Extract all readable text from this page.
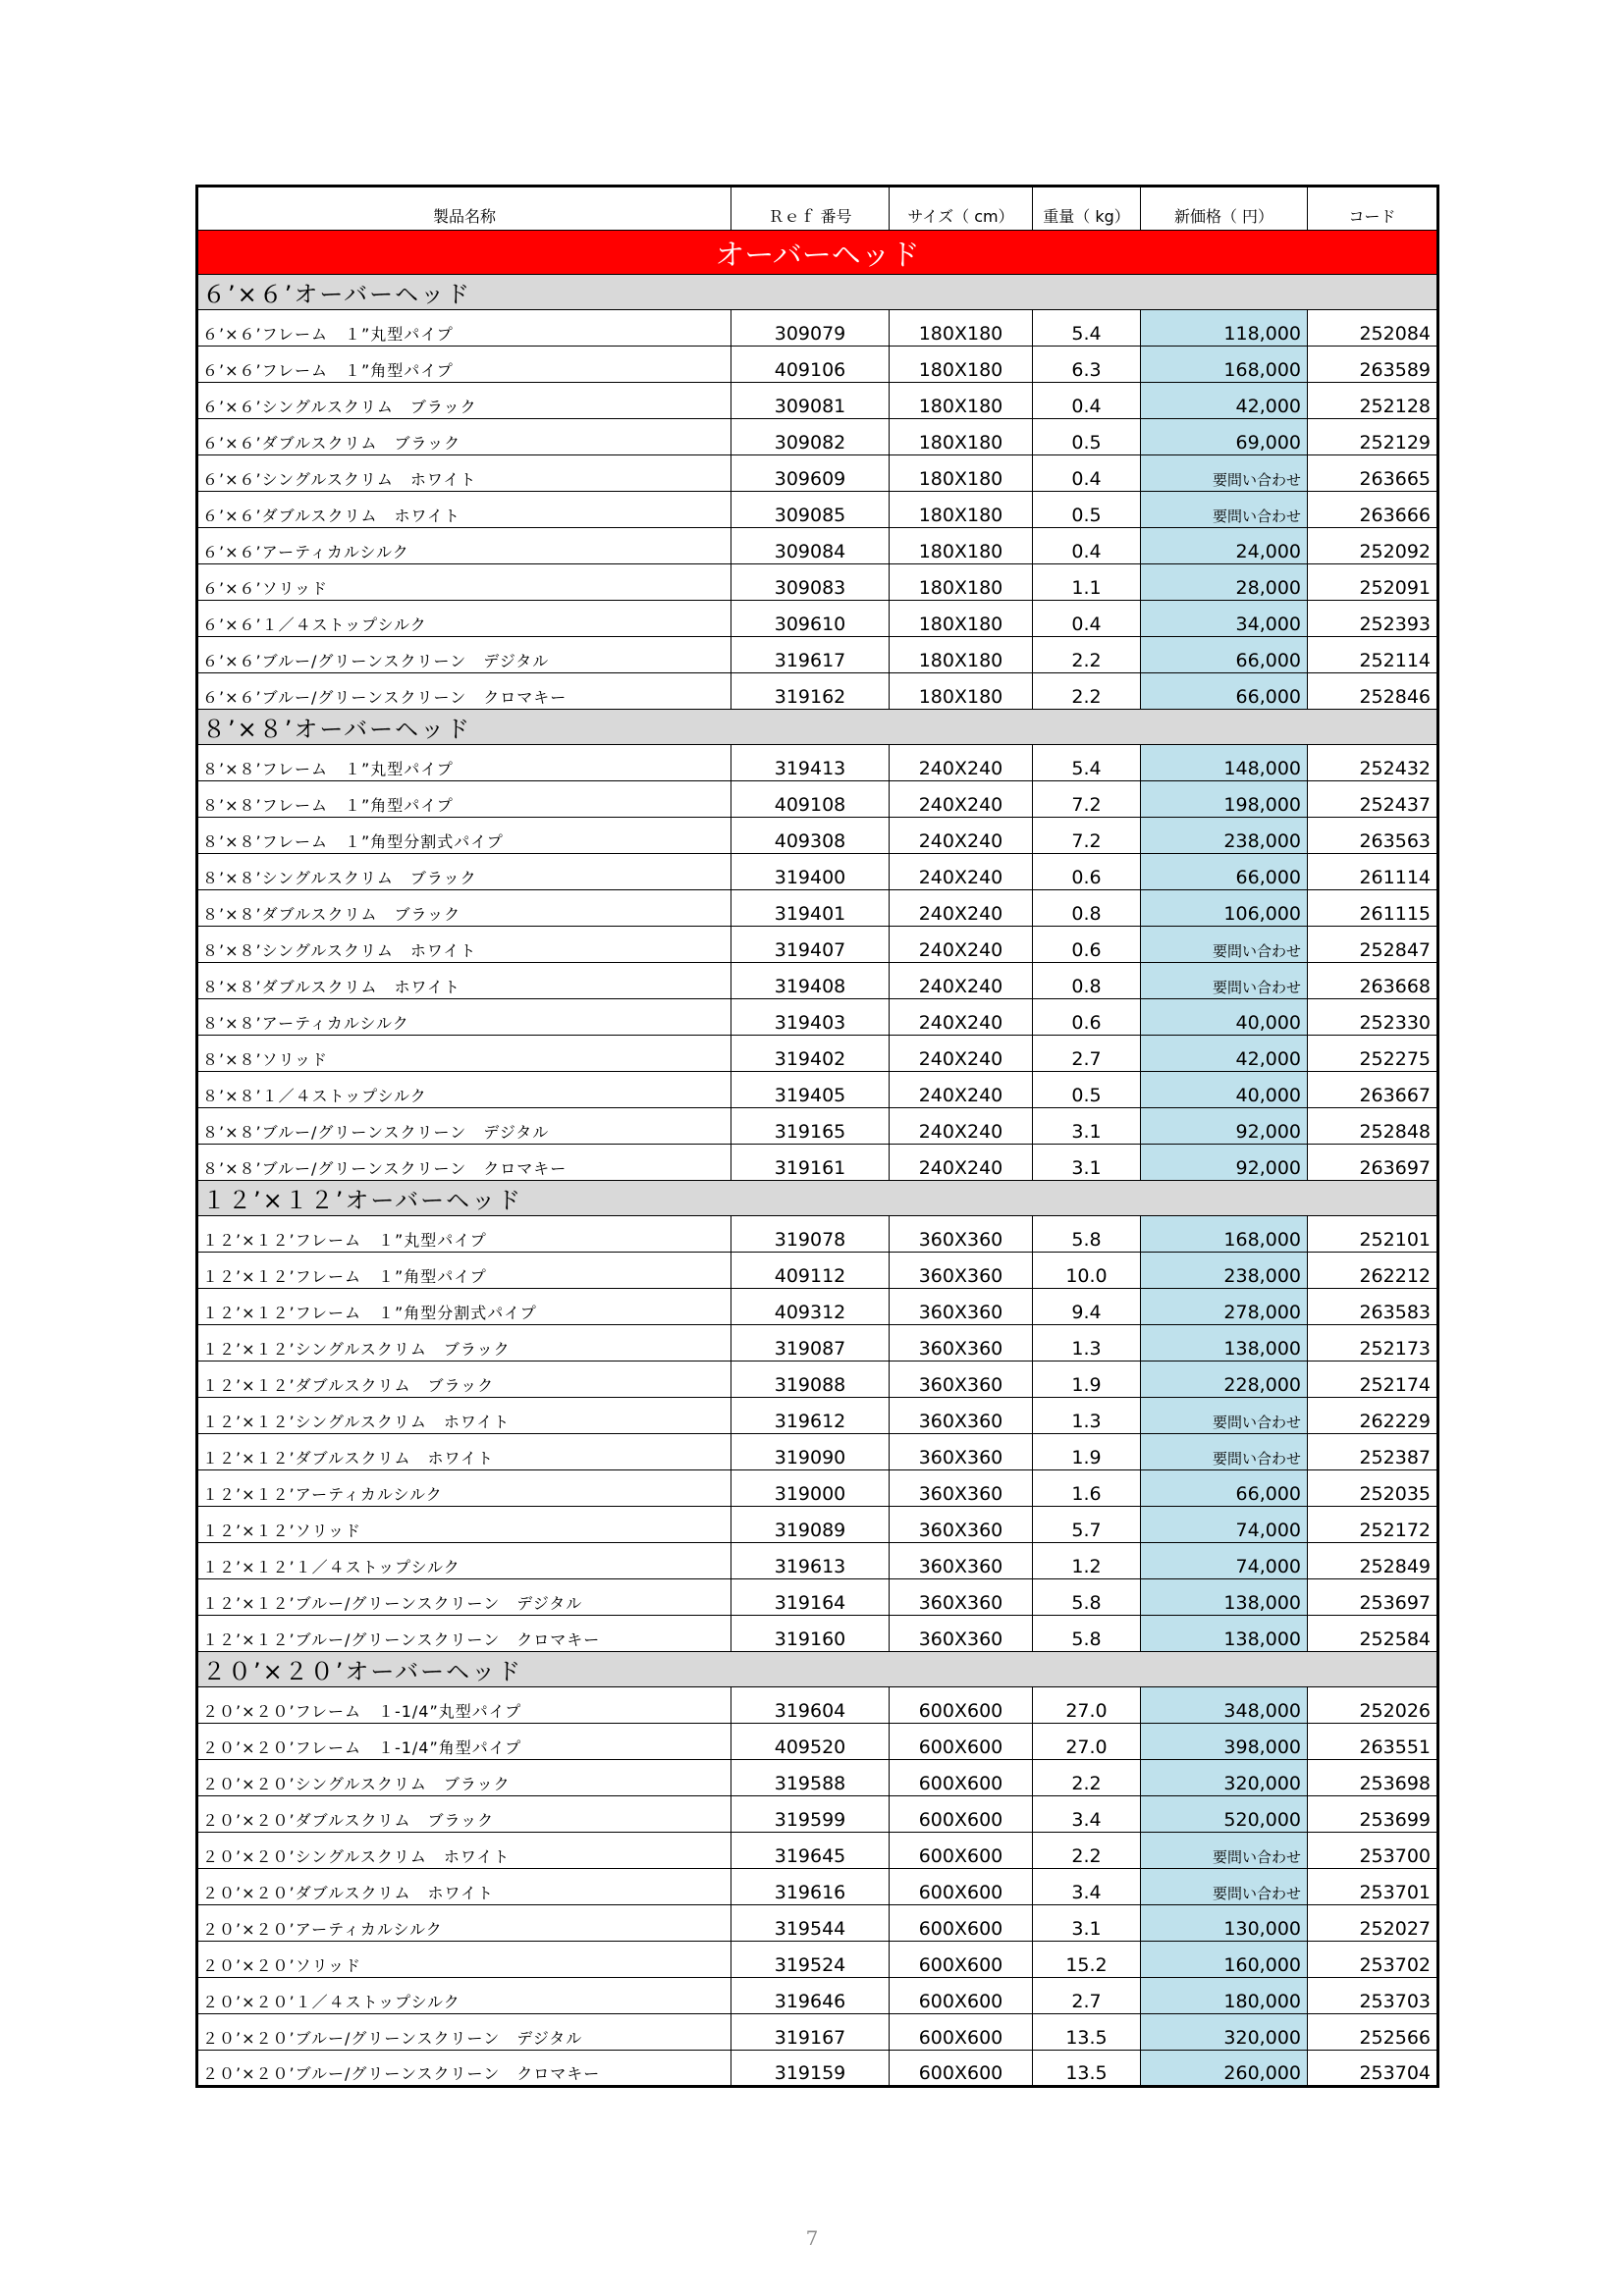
製品名称	Ｒｅｆ 番号	サイズ（ cm）	重量（ kg）	新価格（ 円）	コード
オーバーヘッド					
６’×６’オーバーヘッド					
６’×６’フレーム　１”丸型パイプ	309079	180X180	5.4	118,000	252084
６’×６’フレーム　１”角型パイプ	409106	180X180	6.3	168,000	263589
６’×６’シングルスクリム　ブラック	309081	180X180	0.4	42,000	252128
６’×６’ダブルスクリム　ブラック	309082	180X180	0.5	69,000	252129
６’×６’シングルスクリム　ホワイト	309609	180X180	0.4	要問い合わせ	263665
６’×６’ダブルスクリム　ホワイト	309085	180X180	0.5	要問い合わせ	263666
６’×６’アーティカルシルク	309084	180X180	0.4	24,000	252092
６’×６’ソリッド	309083	180X180	1.1	28,000	252091
６’×６’１／４ストップシルク	309610	180X180	0.4	34,000	252393
６’×６’ブルー/グリーンスクリーン　デジタル	319617	180X180	2.2	66,000	252114
６’×６’ブルー/グリーンスクリーン　クロマキー	319162	180X180	2.2	66,000	252846
８’×８’オーバーヘッド					
８’×８’フレーム　１”丸型パイプ	319413	240X240	5.4	148,000	252432
８’×８’フレーム　１”角型パイプ	409108	240X240	7.2	198,000	252437
８’×８’フレーム　１”角型分割式パイプ	409308	240X240	7.2	238,000	263563
８’×８’シングルスクリム　ブラック	319400	240X240	0.6	66,000	261114
８’×８’ダブルスクリム　ブラック	319401	240X240	0.8	106,000	261115
８’×８’シングルスクリム　ホワイト	319407	240X240	0.6	要問い合わせ	252847
８’×８’ダブルスクリム　ホワイト	319408	240X240	0.8	要問い合わせ	263668
８’×８’アーティカルシルク	319403	240X240	0.6	40,000	252330
８’×８’ソリッド	319402	240X240	2.7	42,000	252275
８’×８’１／４ストップシルク	319405	240X240	0.5	40,000	263667
８’×８’ブルー/グリーンスクリーン　デジタル	319165	240X240	3.1	92,000	252848
８’×８’ブルー/グリーンスクリーン　クロマキー	319161	240X240	3.1	92,000	263697
１２’×１２’オーバーヘッド					
１２’×１２’フレーム　１”丸型パイプ	319078	360X360	5.8	168,000	252101
１２’×１２’フレーム　１”角型パイプ	409112	360X360	10.0	238,000	262212
１２’×１２’フレーム　１”角型分割式パイプ	409312	360X360	9.4	278,000	263583
１２’×１２’シングルスクリム　ブラック	319087	360X360	1.3	138,000	252173
１２’×１２’ダブルスクリム　ブラック	319088	360X360	1.9	228,000	252174
１２’×１２’シングルスクリム　ホワイト	319612	360X360	1.3	要問い合わせ	262229
１２’×１２’ダブルスクリム　ホワイト	319090	360X360	1.9	要問い合わせ	252387
１２’×１２’アーティカルシルク	319000	360X360	1.6	66,000	252035
１２’×１２’ソリッド	319089	360X360	5.7	74,000	252172
１２’×１２’１／４ストップシルク	319613	360X360	1.2	74,000	252849
１２’×１２’ブルー/グリーンスクリーン　デジタル	319164	360X360	5.8	138,000	253697
１２’×１２’ブルー/グリーンスクリーン　クロマキー	319160	360X360	5.8	138,000	252584
２０’×２０’オーバーヘッド					
２０’×２０’フレーム　１-1/4”丸型パイプ	319604	600X600	27.0	348,000	252026
２０’×２０’フレーム　１-1/4”角型パイプ	409520	600X600	27.0	398,000	263551
２０’×２０’シングルスクリム　ブラック	319588	600X600	2.2	320,000	253698
２０’×２０’ダブルスクリム　ブラック	319599	600X600	3.4	520,000	253699
２０’×２０’シングルスクリム　ホワイト	319645	600X600	2.2	要問い合わせ	253700
２０’×２０’ダブルスクリム　ホワイト	319616	600X600	3.4	要問い合わせ	253701
２０’×２０’アーティカルシルク	319544	600X600	3.1	130,000	252027
２０’×２０’ソリッド	319524	600X600	15.2	160,000	253702
２０’×２０’１／４ストップシルク	319646	600X600	2.7	180,000	253703
２０’×２０’ブルー/グリーンスクリーン　デジタル	319167	600X600	13.5	320,000	252566
２０’×２０’ブルー/グリーンスクリーン　クロマキー	319159	600X600	13.5	260,000	253704
7
